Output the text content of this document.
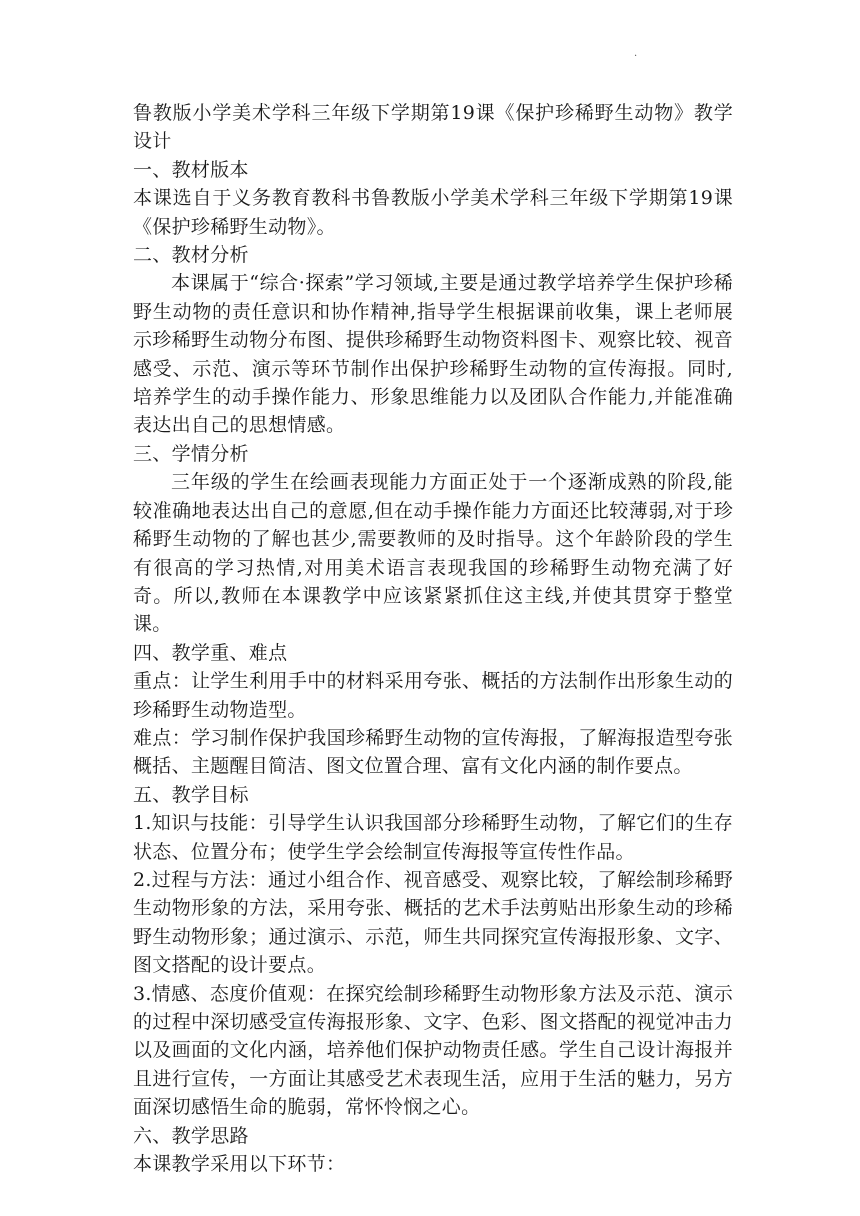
.

鲁教版小学美术学科三年级下学期第19课《保护珍稀野生动物》教学设计

一、教材版本

本课选自于义务教育教科书鲁教版小学美术学科三年级下学期第19课《保护珍稀野生动物》。

二、教材分析

本课属于“综合·探索”学习领域,主要是通过教学培养学生保护珍稀野生动物的责任意识和协作精神,指导学生根据课前收集，课上老师展示珍稀野生动物分布图、提供珍稀野生动物资料图卡、观察比较、视音感受、示范、演示等环节制作出保护珍稀野生动物的宣传海报。同时,培养学生的动手操作能力、形象思维能力以及团队合作能力,并能准确表达出自己的思想情感。

三、学情分析

三年级的学生在绘画表现能力方面正处于一个逐渐成熟的阶段,能较准确地表达出自己的意愿,但在动手操作能力方面还比较薄弱,对于珍稀野生动物的了解也甚少,需要教师的及时指导。这个年龄阶段的学生有很高的学习热情,对用美术语言表现我国的珍稀野生动物充满了好奇。所以,教师在本课教学中应该紧紧抓住这主线,并使其贯穿于整堂课。

四、教学重、难点

重点：让学生利用手中的材料采用夸张、概括的方法制作出形象生动的珍稀野生动物造型。

难点：学习制作保护我国珍稀野生动物的宣传海报，了解海报造型夸张概括、主题醒目简洁、图文位置合理、富有文化内涵的制作要点。

五、教学目标

1.知识与技能：引导学生认识我国部分珍稀野生动物，了解它们的生存状态、位置分布；使学生学会绘制宣传海报等宣传性作品。

2.过程与方法：通过小组合作、视音感受、观察比较，了解绘制珍稀野生动物形象的方法，采用夸张、概括的艺术手法剪贴出形象生动的珍稀野生动物形象；通过演示、示范，师生共同探究宣传海报形象、文字、图文搭配的设计要点。

3.情感、态度价值观：在探究绘制珍稀野生动物形象方法及示范、演示的过程中深切感受宣传海报形象、文字、色彩、图文搭配的视觉冲击力以及画面的文化内涵，培养他们保护动物责任感。学生自己设计海报并且进行宣传，一方面让其感受艺术表现生活，应用于生活的魅力，另方面深切感悟生命的脆弱，常怀怜悯之心。

六、教学思路

本课教学采用以下环节：
